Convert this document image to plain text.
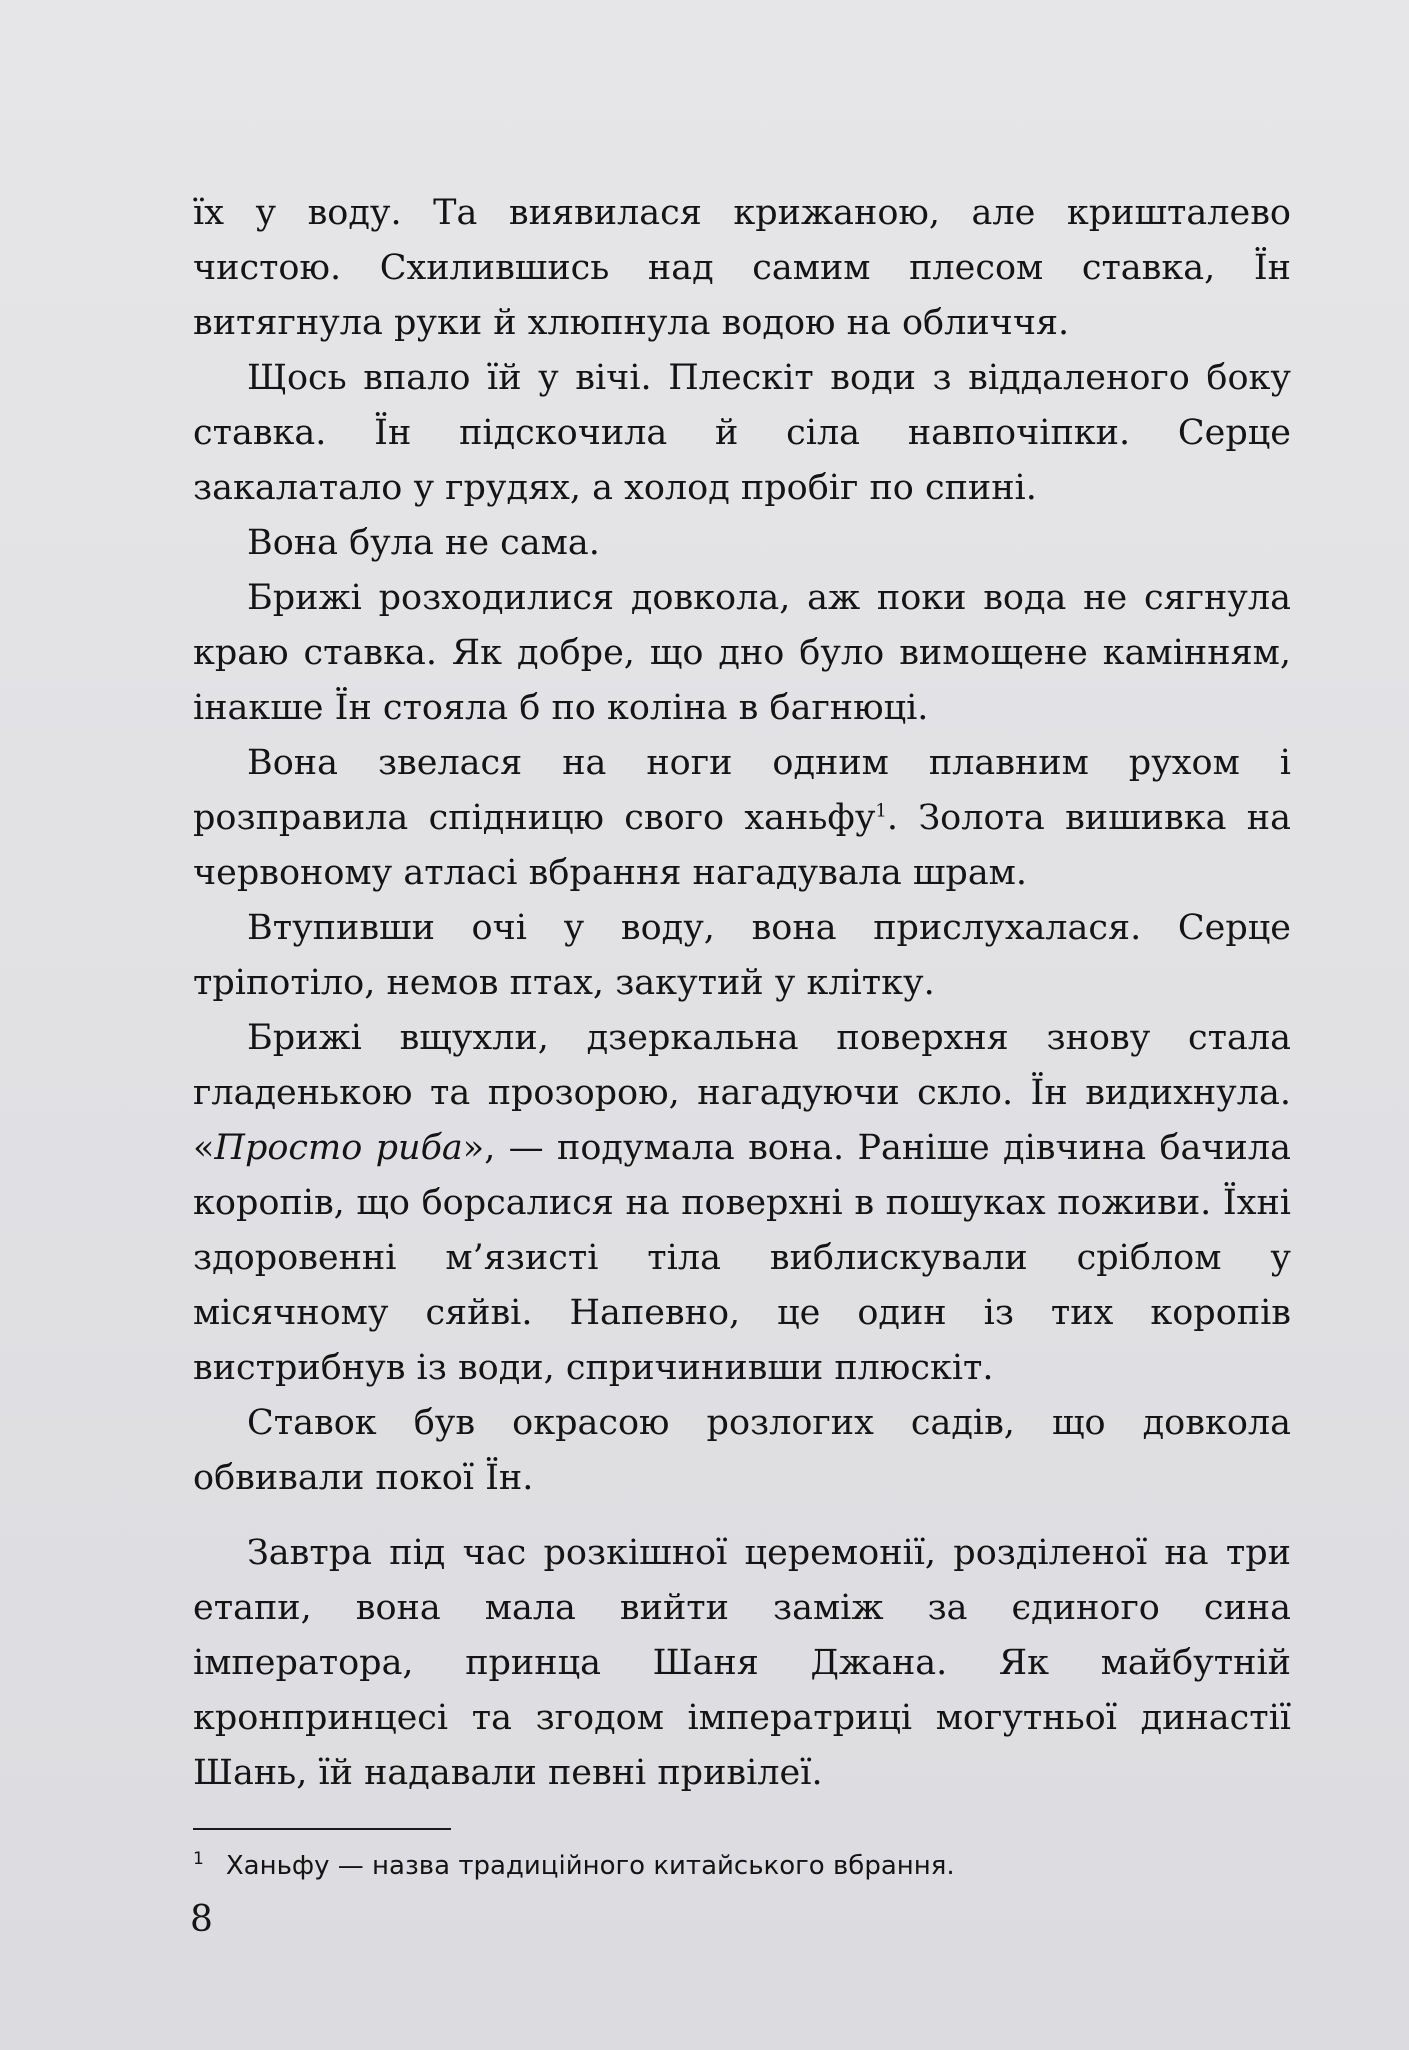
їх у воду. Та виявилася крижаною, але кришталево чистою. Схилившись над самим плесом ставка, Їн витягнула руки й хлюпнула водою на обличчя.

Щось впало їй у вічі. Плескіт води з віддаленого боку ставка. Їн підскочила й сіла навпочіпки. Серце закалатало у грудях, а холод пробіг по спині.

Вона була не сама.

Брижі розходилися довкола, аж поки вода не сягнула краю ставка. Як добре, що дно було вимощене камінням, інакше Їн стояла б по коліна в багнюці.

Вона звелася на ноги одним плавним рухом і розправила спідницю свого ханьфу$^1$. Золота вишивка на червоному атласі вбрання нагадувала шрам.

Втупивши очі у воду, вона прислухалася. Серце тріпотіло, немов птах, закутий у клітку.

Брижі вщухли, дзеркальна поверхня знову стала гладенькою та прозорою, нагадуючи скло. Їн видихнула. «Просто риба», — подумала вона. Раніше дівчина бачила коропів, що борсалися на поверхні в пошуках поживи. Їхні здоровенні м’язисті тіла виблискували сріблом у місячному сяйві. Напевно, це один із тих коропів вистрибнув із води, спричинивши плюскіт.

Ставок був окрасою розлогих садів, що довкола обвивали покої Їн.

Завтра під час розкішної церемонії, розділеної на три етапи, вона мала вийти заміж за єдиного сина імператора, принца Шаня Джана. Як майбутній кронпринцесі та згодом імператриці могутньої династії Шань, їй надавали певні привілеї.

$^1$ Ханьфу — назва традиційного китайського вбрання.
8
